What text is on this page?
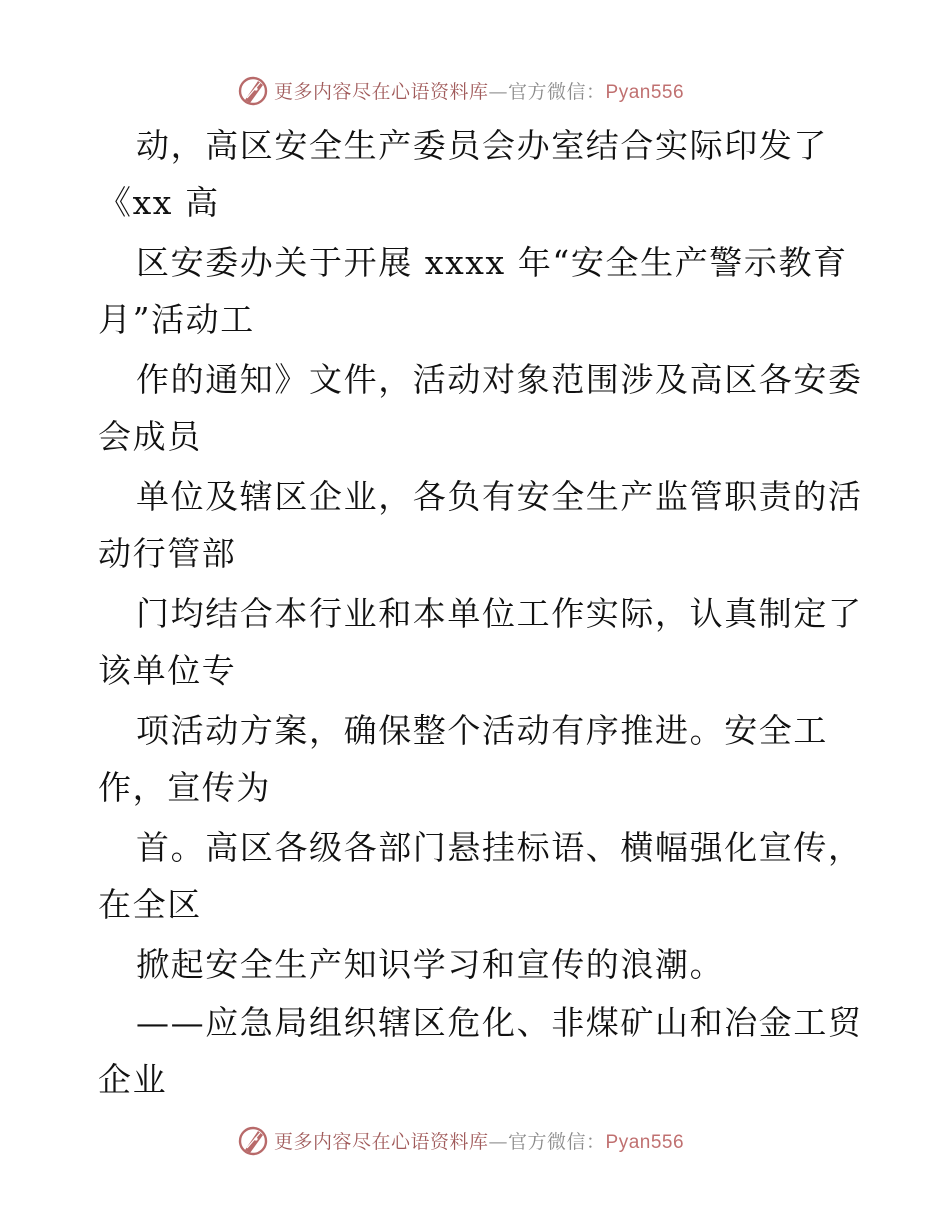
更多内容尽在心语资料库—官方微信：Pyan556
动，高区安全生产委员会办室结合实际印发了
《xx 高
区安委办关于开展 xxxx 年“安全生产警示教育
月”活动工
作的通知》文件，活动对象范围涉及高区各安委
会成员
单位及辖区企业，各负有安全生产监管职责的活
动行管部
门均结合本行业和本单位工作实际，认真制定了
该单位专
项活动方案，确保整个活动有序推进。安全工
作，宣传为
首。高区各级各部门悬挂标语、横幅强化宣传，
在全区
掀起安全生产知识学习和宣传的浪潮。
——应急局组织辖区危化、非煤矿山和冶金工贸
企业
更多内容尽在心语资料库—官方微信：Pyan556
